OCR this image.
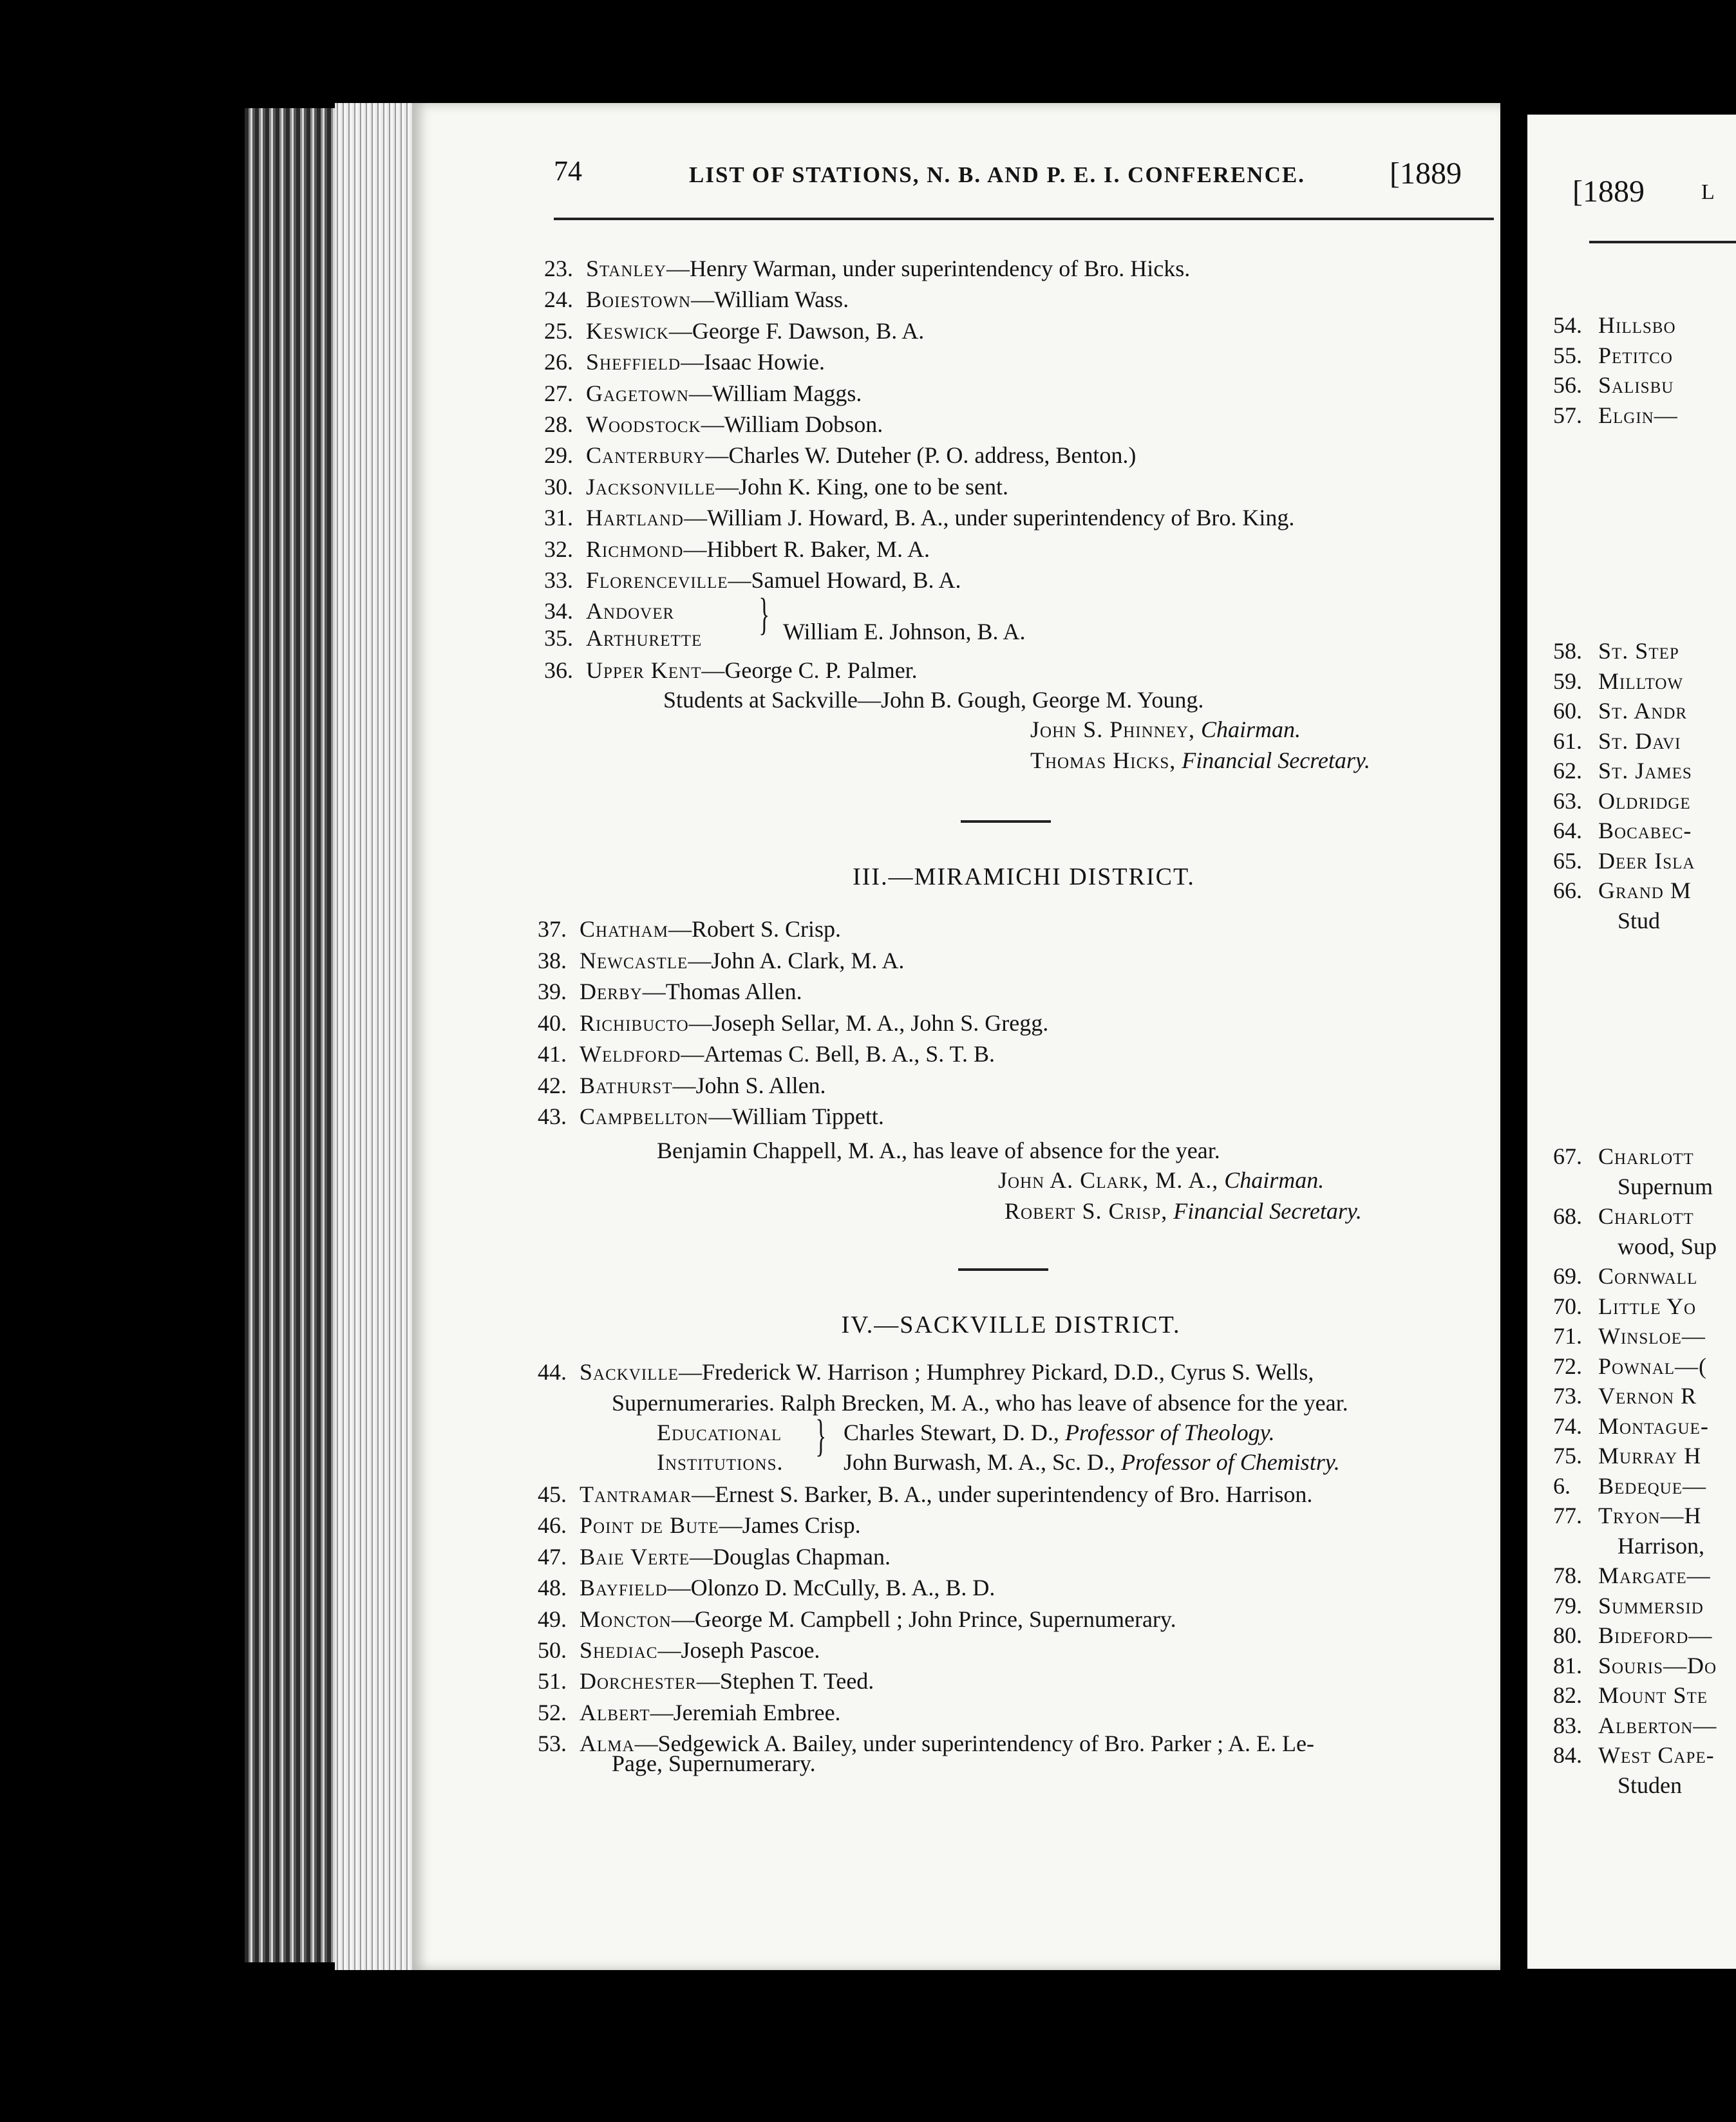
74	LIST OF STATIONS, N. B. AND P. E. I. CONFERENCE.	[1889
23. Stanley—Henry Warman, under superintendency of Bro. Hicks.
24. Boiestown—William Wass.
25. Keswick—George F. Dawson, B. A.
26. Sheffield—Isaac Howie.
27. Gagetown—William Maggs.
28. Woodstock—William Dobson.
29. Canterbury—Charles W. Duteher (P. O. address, Benton.)
30. Jacksonville—John K. King, one to be sent.
31. Hartland—William J. Howard, B. A., under superintendency of Bro. King.
32. Richmond—Hibbert R. Baker, M. A.
33. Florenceville—Samuel Howard, B. A.
34. Andover
35. Arthurette } William E. Johnson, B. A.
36. Upper Kent—George C. P. Palmer.
Students at Sackville—John B. Gough, George M. Young.
John S. Phinney, Chairman.
Thomas Hicks, Financial Secretary.
III.—MIRAMICHI DISTRICT.
37. Chatham—Robert S. Crisp.
38. Newcastle—John A. Clark, M. A.
39. Derby—Thomas Allen.
40. Richibucto—Joseph Sellar, M. A., John S. Gregg.
41. Weldford—Artemas C. Bell, B. A., S. T. B.
42. Bathurst—John S. Allen.
43. Campbellton—William Tippett.
Benjamin Chappell, M. A., has leave of absence for the year.
John A. Clark, M. A., Chairman.
Robert S. Crisp, Financial Secretary.
IV.—SACKVILLE DISTRICT.
44. Sackville—Frederick W. Harrison ; Humphrey Pickard, D.D., Cyrus S. Wells,
Supernumeraries. Ralph Brecken, M. A., who has leave of absence for the year.
Educational
Institutions.
} Charles Stewart, D. D., Professor of Theology.
John Burwash, M. A., Sc. D., Professor of Chemistry.
45. Tantramar—Ernest S. Barker, B. A., under superintendency of Bro. Harrison.
46. Point de Bute—James Crisp.
47. Baie Verte—Douglas Chapman.
48. Bayfield—Olonzo D. McCully, B. A., B. D.
49. Moncton—George M. Campbell ; John Prince, Supernumerary.
50. Shediac—Joseph Pascoe.
51. Dorchester—Stephen T. Teed.
52. Albert—Jeremiah Embree.
53. Alma—Sedgewick A. Bailey, under superintendency of Bro. Parker ; A. E. Le-
Page, Supernumerary.
[1889	L
54. Hillsbo
55. Petitco
56. Salisbu
57. Elgin—
58. St. Step
59. Milltow
60. St. Andr
61. St. Davi
62. St. James
63. Oldridge
64. Bocabec-
65. Deer Isla
66. Grand M
Stud
67. Charlott
Supernum
68. Charlott
wood, Sup
69. Cornwall
70. Little Yo
71. Winsloe—
72. Pownal—(
73. Vernon R
74. Montague-
75. Murray H
6. Bedeque—
77. Tryon—H
Harrison,
78. Margate—
79. Summersid
80. Bideford—
81. Souris—Do
82. Mount Ste
83. Alberton—
84. West Cape-
Studen
